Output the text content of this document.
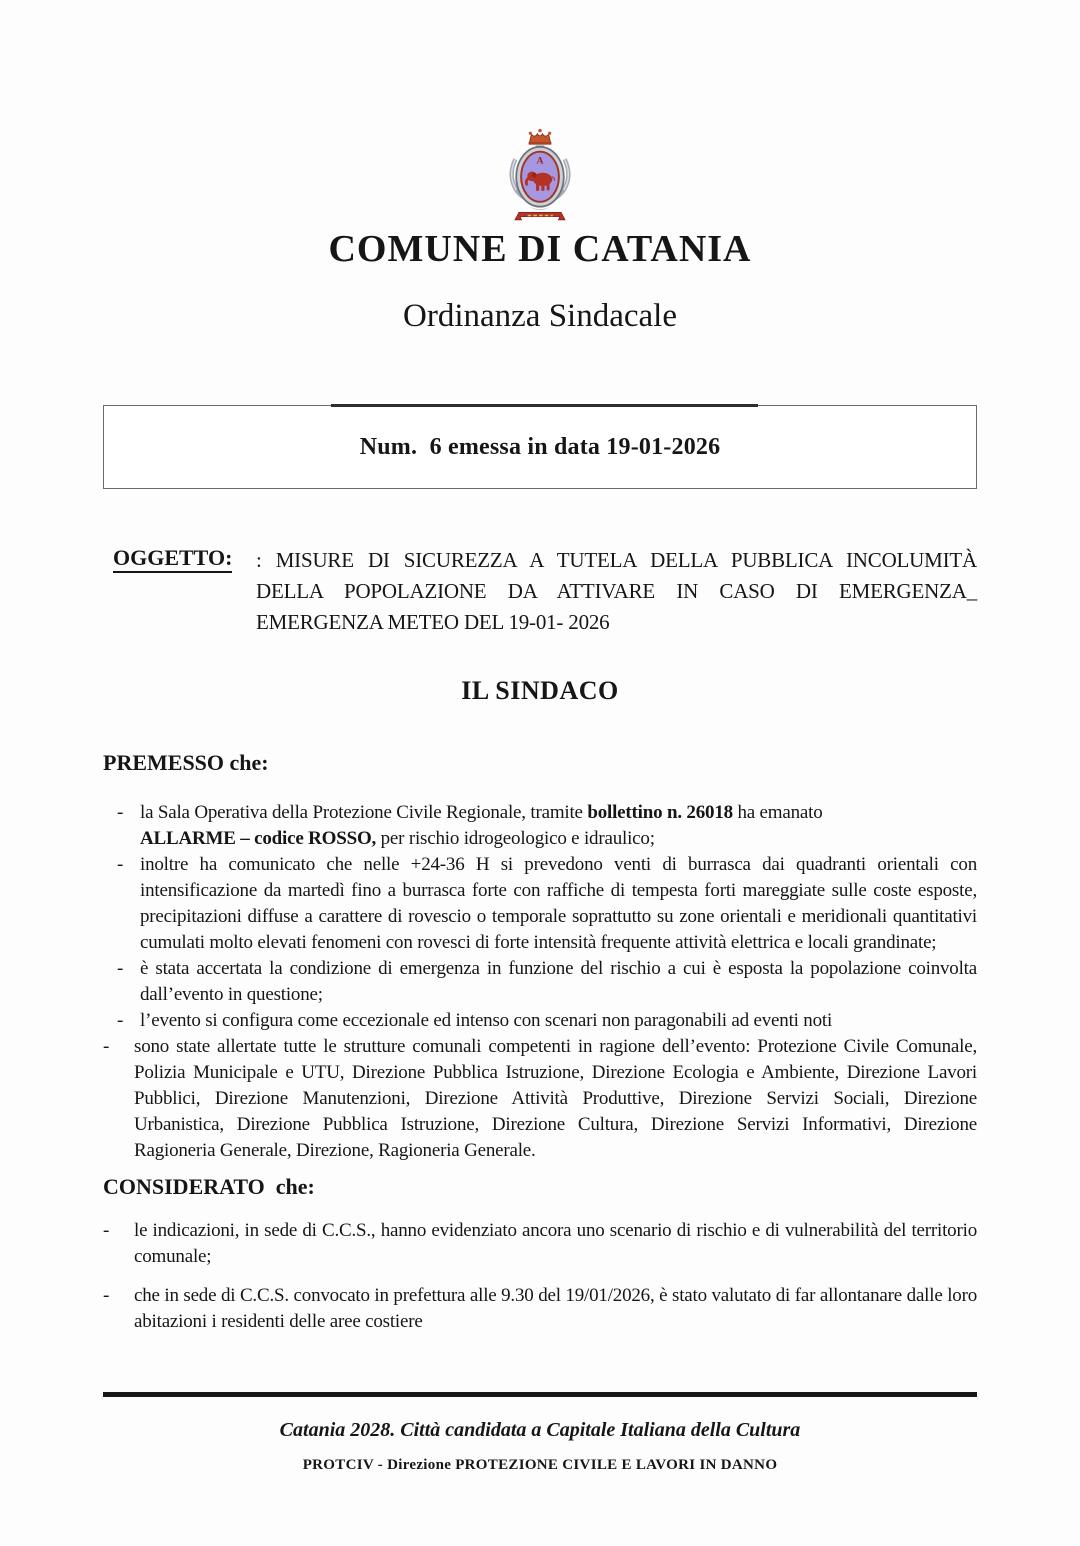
A
COMUNE DI CATANIA
Ordinanza Sindacale
Num.  6 emessa in data 19-01-2026
OGGETTO:	: MISURE DI SICUREZZA A TUTELA DELLA PUBBLICA INCOLUMITÀ
DELLA POPOLAZIONE DA ATTIVARE IN CASO DI EMERGENZA_
EMERGENZA METEO DEL 19-01- 2026
IL SINDACO
PREMESSO che:
- la Sala Operativa della Protezione Civile Regionale, tramite bollettino n. 26018 ha emanato
ALLARME – codice ROSSO, per rischio idrogeologico e idraulico;
- inoltre ha comunicato che nelle +24-36 H si prevedono venti di burrasca dai quadranti orientali con intensificazione da martedì fino a burrasca forte con raffiche di tempesta forti mareggiate sulle coste esposte, precipitazioni diffuse a carattere di rovescio o temporale soprattutto su zone orientali e meridionali quantitativi cumulati molto elevati fenomeni con rovesci di forte intensità frequente attività elettrica e locali grandinate;
- è stata accertata la condizione di emergenza in funzione del rischio a cui è esposta la popolazione coinvolta dall’evento in questione;
- l’evento si configura come eccezionale ed intenso con scenari non paragonabili ad eventi noti
-	sono state allertate tutte le strutture comunali competenti in ragione dell’evento: Protezione Civile Comunale, Polizia Municipale e UTU, Direzione Pubblica Istruzione, Direzione Ecologia e Ambiente, Direzione Lavori Pubblici, Direzione Manutenzioni, Direzione Attività Produttive, Direzione Servizi Sociali, Direzione Urbanistica, Direzione Pubblica Istruzione, Direzione Cultura, Direzione Servizi Informativi, Direzione Ragioneria Generale, Direzione, Ragioneria Generale.
CONSIDERATO  che:
-	le indicazioni, in sede di C.C.S., hanno evidenziato ancora uno scenario di rischio e di vulnerabilità del territorio comunale;
-	che in sede di C.C.S. convocato in prefettura alle 9.30 del 19/01/2026, è stato valutato di far allontanare dalle loro abitazioni i residenti delle aree costiere
Catania 2028. Città candidata a Capitale Italiana della Cultura
PROTCIV - Direzione PROTEZIONE CIVILE E LAVORI IN DANNO
